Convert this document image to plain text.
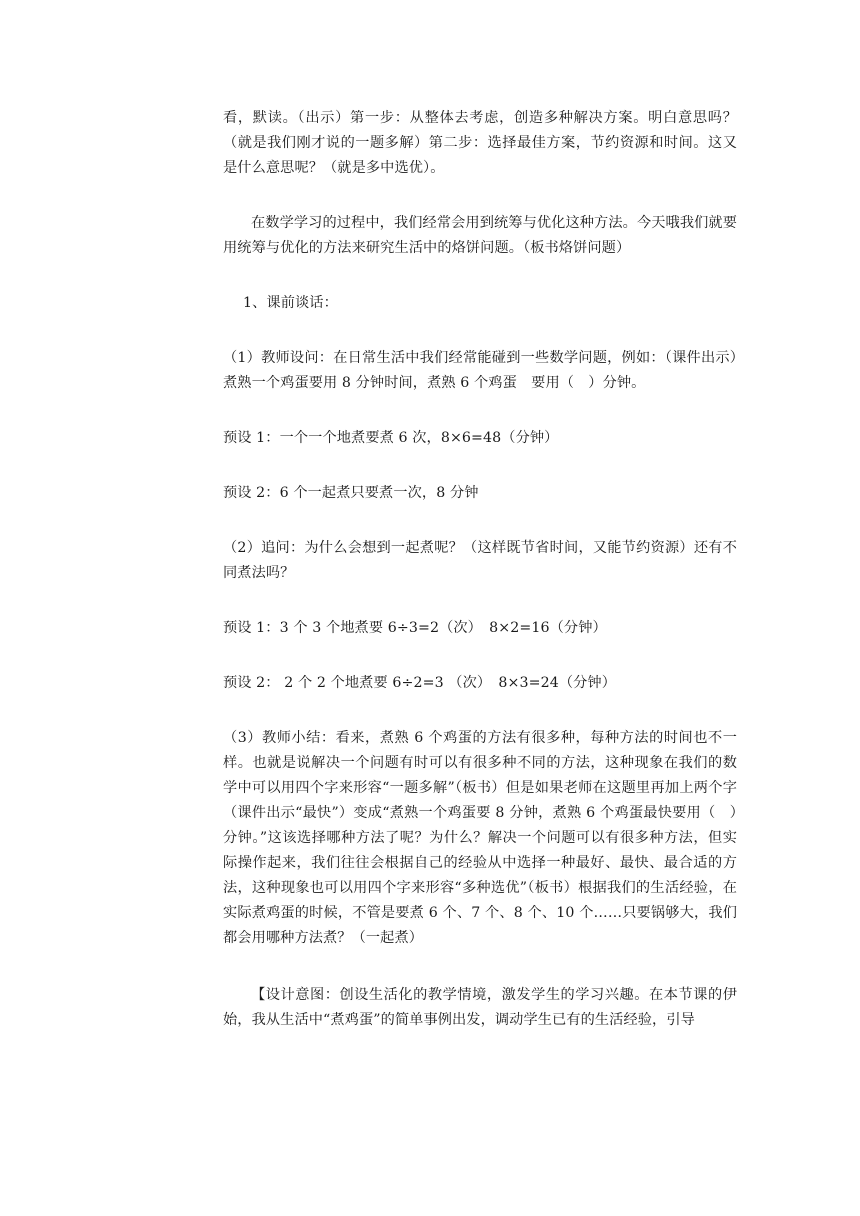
看，默读。（出示）第一步：从整体去考虑，创造多种解决方案。明白意思吗？（就是我们刚才说的一题多解）第二步：选择最佳方案，节约资源和时间。这又是什么意思呢？（就是多中选优）。

在数学学习的过程中，我们经常会用到统筹与优化这种方法。今天哦我们就要用统筹与优化的方法来研究生活中的烙饼问题。（板书烙饼问题）

1、课前谈话：

（1）教师设问：在日常生活中我们经常能碰到一些数学问题，例如：（课件出示）煮熟一个鸡蛋要用 8 分钟时间，煮熟 6 个鸡蛋　要用（　）分钟。

预设 1：一个一个地煮要煮 6 次，8×6=48（分钟）

预设 2：6 个一起煮只要煮一次，8 分钟

（2）追问：为什么会想到一起煮呢？（这样既节省时间，又能节约资源）还有不同煮法吗？

预设 1：3 个 3 个地煮要 6÷3=2（次）　8×2=16（分钟）

预设 2： 2 个 2 个地煮要 6÷2=3 （次）　8×3=24（分钟）

（3）教师小结：看来，煮熟 6 个鸡蛋的方法有很多种，每种方法的时间也不一样。也就是说解决一个问题有时可以有很多种不同的方法，这种现象在我们的数学中可以用四个字来形容“一题多解”（板书）但是如果老师在这题里再加上两个字（课件出示“最快”）变成“煮熟一个鸡蛋要 8 分钟，煮熟 6 个鸡蛋最快要用（　）分钟。”这该选择哪种方法了呢？为什么？解决一个问题可以有很多种方法，但实际操作起来，我们往往会根据自己的经验从中选择一种最好、最快、最合适的方法，这种现象也可以用四个字来形容“多种选优”（板书）根据我们的生活经验，在实际煮鸡蛋的时候，不管是要煮 6 个、7 个、8 个、10 个……只要锅够大，我们都会用哪种方法煮？（一起煮）

【设计意图：创设生活化的教学情境，激发学生的学习兴趣。在本节课的伊始，我从生活中“煮鸡蛋”的简单事例出发，调动学生已有的生活经验，引导
